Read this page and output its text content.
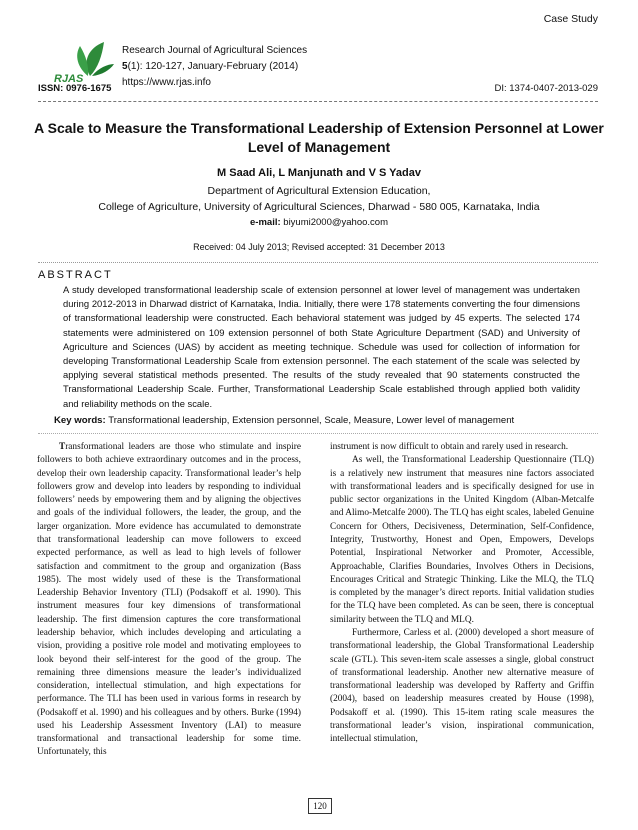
Case Study
RJAS
Research Journal of Agricultural Sciences
5(1): 120-127, January-February (2014)
https://www.rjas.info
ISSN: 0976-1675	DI: 1374-0407-2013-029
A Scale to Measure the Transformational Leadership of Extension Personnel at Lower Level of Management
M Saad Ali, L Manjunath and V S Yadav
Department of Agricultural Extension Education,
College of Agriculture, University of Agricultural Sciences, Dharwad - 580 005, Karnataka, India
e-mail: biyumi2000@yahoo.com
Received: 04 July 2013; Revised accepted: 31 December 2013
ABSTRACT
A study developed transformational leadership scale of extension personnel at lower level of management was undertaken during 2012-2013 in Dharwad district of Karnataka, India. Initially, there were 178 statements converting the four dimensions of transformational leadership were constructed. Each behavioral statement was judged by 45 experts. The selected 174 statements were administered on 109 extension personnel of both State Agriculture Department (SAD) and University of Agriculture and Sciences (UAS) by accident as meeting technique. Schedule was used for collection of information for developing Transformational Leadership Scale from extension personnel. The each statement of the scale was selected by applying several statistical methods presented. The results of the study revealed that 90 statements constructed the Transformational Leadership Scale. Further, Transformational Leadership Scale established through applied both validity and reliability methods on the scale.
Key words: Transformational leadership, Extension personnel, Scale, Measure, Lower level of management

Transformational leaders are those who stimulate and inspire followers to both achieve extraordinary outcomes and in the process, develop their own leadership capacity. Transformational leader’s help followers grow and develop into leaders by responding to individual followers’ needs by empowering them and by aligning the objectives and goals of the individual followers, the leader, the group, and the larger organization. More evidence has accumulated to demonstrate that transformational leadership can move followers to exceed expected performance, as well as lead to high levels of follower satisfaction and commitment to the group and organization (Bass 1985). The most widely used of these is the Transformational Leadership Behavior Inventory (TLI) (Podsakoff et al. 1990). This instrument measures four key dimensions of transformational leadership. The first dimension captures the core transformational leadership behavior, which includes developing and articulating a vision, providing a positive role model and motivating employees to look beyond their self-interest for the good of the group. The remaining three dimensions measure the leader’s individualized consideration, intellectual stimulation, and high expectations for performance. The TLI has been used in various forms in research by (Podsakoff et al. 1990) and his colleagues and by others. Burke (1994) used his Leadership Assessment Inventory (LAI) to measure transformational and transactional leadership for some time. Unfortunately, this

instrument is now difficult to obtain and rarely used in research.

As well, the Transformational Leadership Questionnaire (TLQ) is a relatively new instrument that measures nine factors associated with transformational leaders and is specifically designed for use in public sector organizations in the United Kingdom (Alban-Metcalfe and Alimo-Metcalfe 2000). The TLQ has eight scales, labeled Genuine Concern for Others, Decisiveness, Determination, Self-Confidence, Integrity, Trustworthy, Honest and Open, Empowers, Develops Potential, Inspirational Networker and Promoter, Accessible, Approachable, Clarifies Boundaries, Involves Others in Decisions, Encourages Critical and Strategic Thinking. Like the MLQ, the TLQ is completed by the manager’s direct reports. Initial validation studies for the TLQ have been completed. As can be seen, there is conceptual similarity between the TLQ and MLQ.

Furthermore, Carless et al. (2000) developed a short measure of transformational leadership, the Global Transformational Leadership scale (GTL). This seven-item scale assesses a single, global construct of transformational leadership. Another new alternative measure of transformational leadership was developed by Rafferty and Griffin (2004), based on leadership measures created by House (1998), Podsakoff et al. (1990). This 15-item rating scale measures the transformational leader’s vision, inspirational communication, intellectual stimulation,

120
